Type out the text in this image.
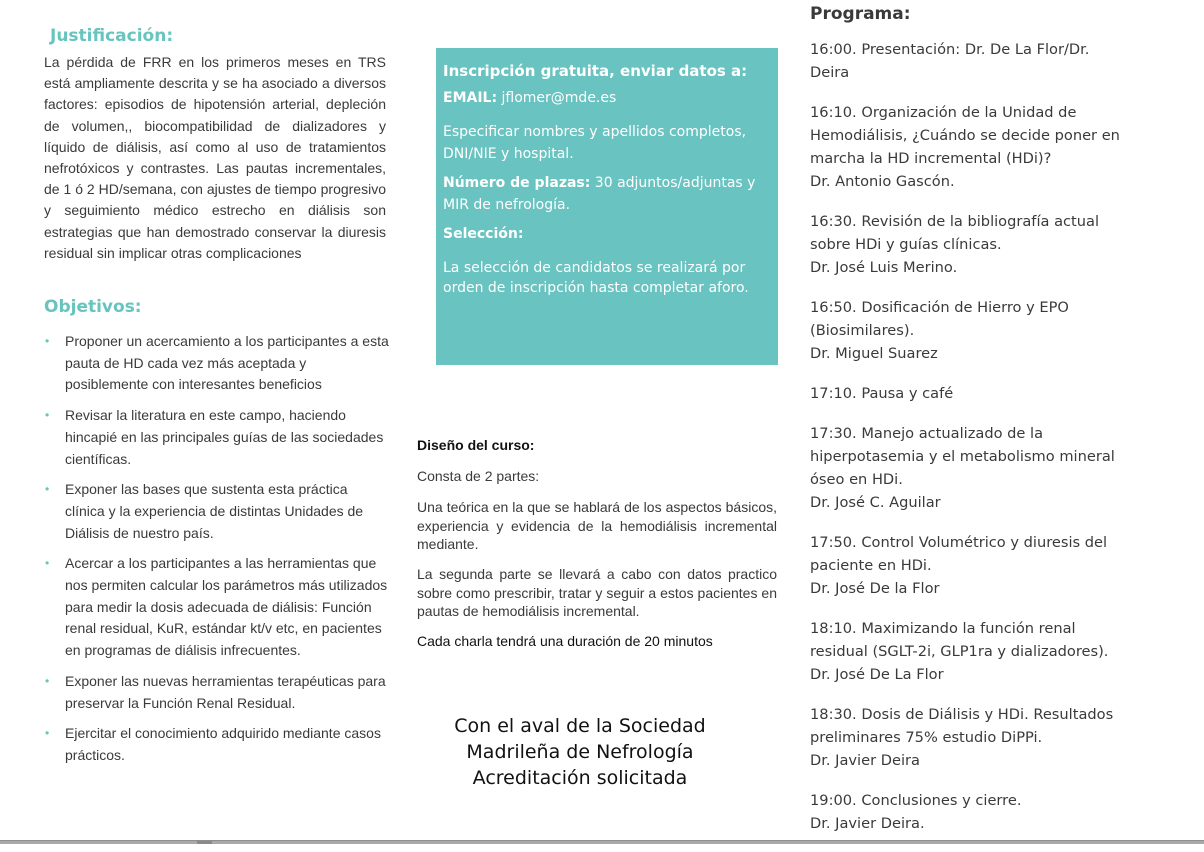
Justificación:
La pérdida de FRR en los primeros meses en TRS está ampliamente descrita y se ha asociado a diversos factores: episodios de hipotensión arterial, depleción de volumen,, biocompatibilidad de dializadores y líquido de diálisis, así como al uso de tratamientos nefrotóxicos y contrastes. Las pautas incrementales, de 1 ó 2 HD/semana, con ajustes de tiempo progresivo y seguimiento médico estrecho en diálisis son estrategias que han demostrado conservar la diuresis residual sin implicar otras complicaciones
Objetivos:
• Proponer un acercamiento a los participantes a esta pauta de HD cada vez más aceptada y posiblemente con interesantes beneficios
• Revisar la literatura en este campo, haciendo hincapié en las principales guías de las sociedades científicas.
• Exponer las bases que sustenta esta práctica clínica y la experiencia de distintas Unidades de Diálisis de nuestro país.
• Acercar a los participantes a las herramientas que nos permiten calcular los parámetros más utilizados para medir la dosis adecuada de diálisis: Función renal residual, KuR, estándar kt/v etc, en pacientes en programas de diálisis infrecuentes.
• Exponer las nuevas herramientas terapéuticas para preservar la Función Renal Residual.
• Ejercitar el conocimiento adquirido mediante casos prácticos.
Inscripción gratuita, enviar datos a:
EMAIL: jflomer@mde.es
Especificar nombres y apellidos completos, DNI/NIE y hospital.
Número de plazas: 30 adjuntos/adjuntas y MIR de nefrología.
Selección:
La selección de candidatos se realizará por orden de inscripción hasta completar aforo.
Diseño del curso:
Consta de 2 partes:
Una teórica en la que se hablará de los aspectos básicos, experiencia y evidencia de la hemodiálisis incremental mediante.
La segunda parte se llevará a cabo con datos practico sobre como prescribir, tratar y seguir a estos pacientes en pautas de hemodiálisis incremental.
Cada charla tendrá una duración de 20 minutos
Con el aval de la Sociedad
Madrileña de Nefrología
Acreditación solicitada
Programa:
16:00. Presentación: Dr. De La Flor/Dr.
Deira
16:10. Organización de la Unidad de
Hemodiálisis, ¿Cuándo se decide poner en
marcha la HD incremental (HDi)?
Dr. Antonio Gascón.
16:30. Revisión de la bibliografía actual
sobre HDi y guías clínicas.
Dr. José Luis Merino.
16:50. Dosificación de Hierro y EPO
(Biosimilares).
Dr. Miguel Suarez
17:10. Pausa y café
17:30. Manejo actualizado de la
hiperpotasemia y el metabolismo mineral
óseo en HDi.
Dr. José C. Aguilar
17:50. Control Volumétrico y diuresis del
paciente en HDi.
Dr. José De la Flor
18:10. Maximizando la función renal
residual (SGLT-2i, GLP1ra y dializadores).
Dr. José De La Flor
18:30. Dosis de Diálisis y HDi. Resultados
preliminares 75% estudio DiPPi.
Dr. Javier Deira
19:00. Conclusiones y cierre.
Dr. Javier Deira.
